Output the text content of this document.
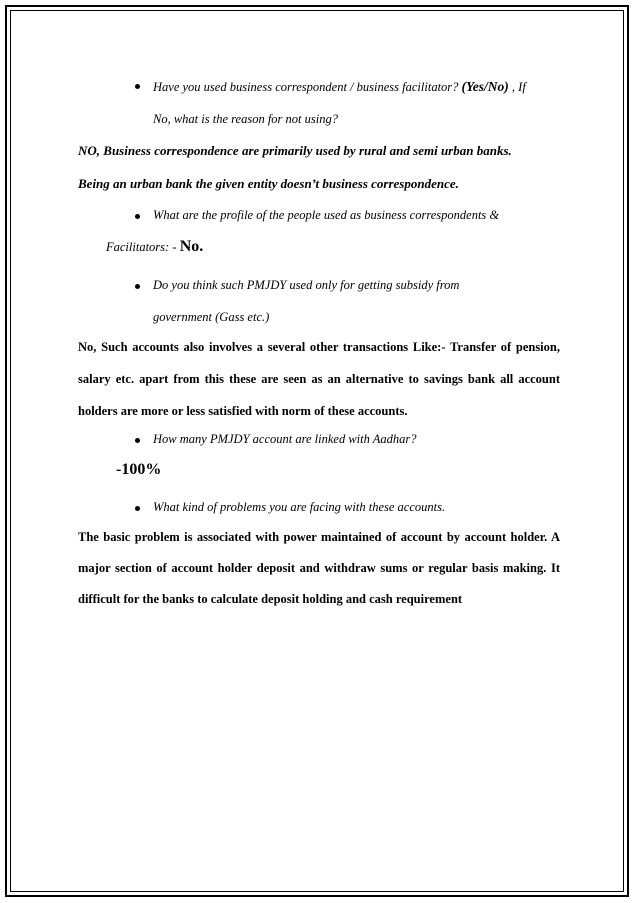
Have you used business correspondent / business facilitator? (Yes/No) , If
No, what is the reason for not using?
NO, Business correspondence are primarily used by rural and semi urban banks.
Being an urban bank the given entity doesn’t business correspondence.
What are the profile of the people used as business correspondents &
Facilitators: - No.
Do you think such PMJDY used only for getting subsidy from
government (Gass etc.)
No, Such accounts also involves a several other transactions Like:- Transfer of pension,
salary etc. apart from this these are seen as an alternative to savings bank all account
holders are more or less satisfied with norm of these accounts.
How many PMJDY account are linked with Aadhar?
-100%
What kind of problems you are facing with these accounts.
The basic problem is associated with power maintained of account by account holder. A
major section of account holder deposit and withdraw sums or regular basis making. It
difficult for the banks to calculate deposit holding and cash requirement
